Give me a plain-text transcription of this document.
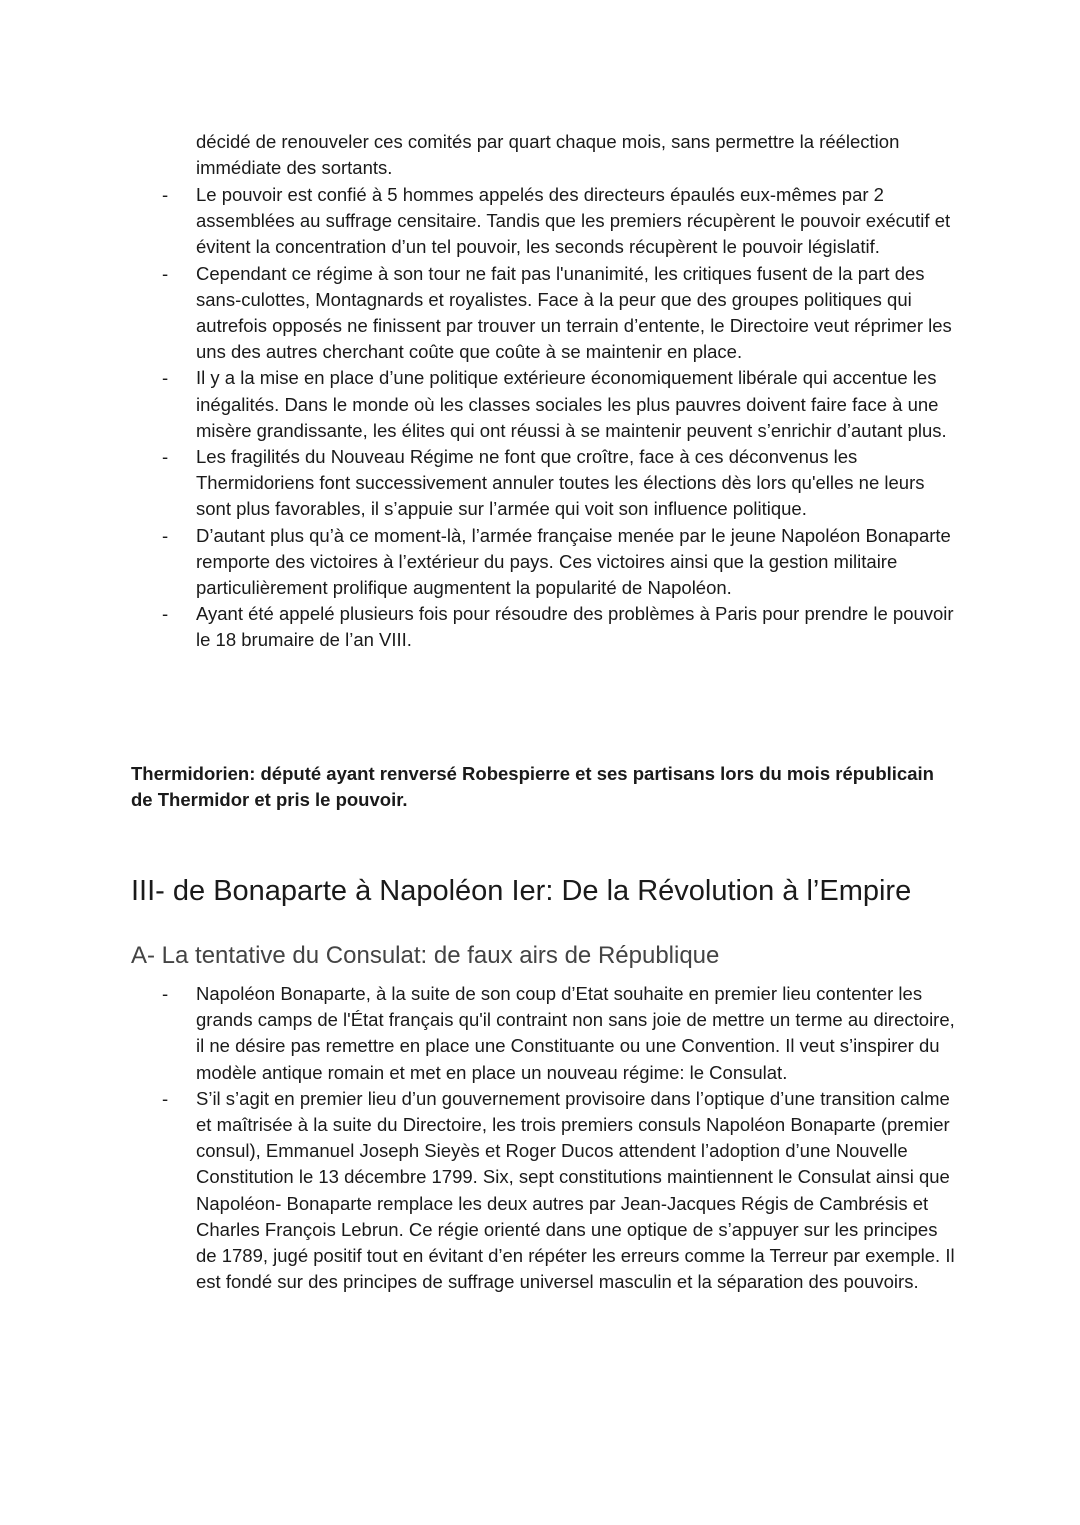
décidé de renouveler ces comités par quart chaque mois, sans permettre la réélection immédiate des sortants.

- Le pouvoir est confié à 5 hommes appelés des directeurs épaulés eux-mêmes par 2 assemblées au suffrage censitaire. Tandis que les premiers récupèrent le pouvoir exécutif et évitent la concentration d’un tel pouvoir, les seconds récupèrent le pouvoir législatif.
- Cependant ce régime à son tour ne fait pas l'unanimité, les critiques fusent de la part des sans-culottes, Montagnards et royalistes. Face à la peur que des groupes politiques qui autrefois opposés ne finissent par trouver un terrain d’entente, le Directoire veut réprimer les uns des autres cherchant coûte que coûte à se maintenir en place.
- Il y a la mise en place d’une politique extérieure économiquement libérale qui accentue les inégalités. Dans le monde où les classes sociales les plus pauvres doivent faire face à une misère grandissante, les élites qui ont réussi à se maintenir peuvent s’enrichir d’autant plus.
- Les fragilités du Nouveau Régime ne font que croître, face à ces déconvenus les Thermidoriens font successivement annuler toutes les élections dès lors qu'elles ne leurs sont plus favorables, il s’appuie sur l’armée qui voit son influence politique.
- D’autant plus qu’à ce moment-là, l’armée française menée par le jeune Napoléon Bonaparte remporte des victoires à l’extérieur du pays. Ces victoires ainsi que la gestion militaire particulièrement prolifique augmentent la popularité de Napoléon.
- Ayant été appelé plusieurs fois pour résoudre des problèmes à Paris pour prendre le pouvoir le 18 brumaire de l’an VIII.

Thermidorien: député ayant renversé Robespierre et ses partisans lors du mois républicain de Thermidor et pris le pouvoir.

III- de Bonaparte à Napoléon Ier: De la Révolution à l’Empire
A- La tentative du Consulat: de faux airs de République
- Napoléon Bonaparte, à la suite de son coup d’Etat souhaite en premier lieu contenter les grands camps de l'État français qu'il contraint non sans joie de mettre un terme au directoire, il ne désire pas remettre en place une Constituante ou une Convention. Il veut s’inspirer du modèle antique romain et met en place un nouveau régime: le Consulat.
- S’il s’agit en premier lieu d’un gouvernement provisoire dans l’optique d’une transition calme et maîtrisée à la suite du Directoire, les trois premiers consuls Napoléon Bonaparte (premier consul), Emmanuel Joseph Sieyès et Roger Ducos attendent l’adoption d’une Nouvelle Constitution le 13 décembre 1799. Six, sept constitutions maintiennent le Consulat ainsi que Napoléon- Bonaparte remplace les deux autres par Jean-Jacques Régis de Cambrésis et Charles François Lebrun. Ce régie orienté dans une optique de s’appuyer sur les principes de 1789, jugé positif tout en évitant d’en répéter les erreurs comme la Terreur par exemple. Il est fondé sur des principes de suffrage universel masculin et la séparation des pouvoirs.
